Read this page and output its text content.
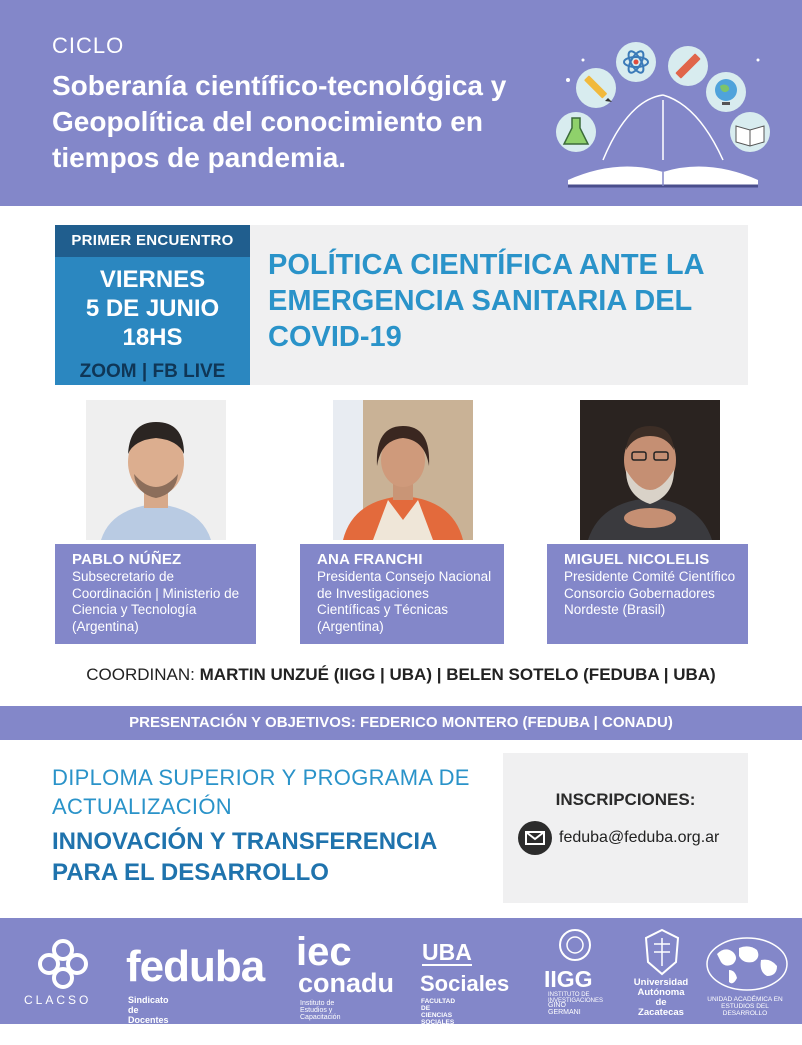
CICLO
Soberanía científico-tecnológica y Geopolítica del conocimiento en tiempos de pandemia.
PRIMER ENCUENTRO
VIERNES
5 DE JUNIO
18HS
ZOOM | FB LIVE
POLÍTICA CIENTÍFICA ANTE LA EMERGENCIA SANITARIA DEL COVID-19
PABLO NÚÑEZ
Subsecretario de Coordinación | Ministerio de Ciencia y Tecnología (Argentina)
ANA FRANCHI
Presidenta Consejo Nacional de Investigaciones Científicas y Técnicas (Argentina)
MIGUEL NICOLELIS
Presidente Comité Científico Consorcio Gobernadores Nordeste (Brasil)
COORDINAN: MARTIN UNZUÉ (IIGG | UBA) | BELEN SOTELO (FEDUBA | UBA)
PRESENTACIÓN Y OBJETIVOS: FEDERICO MONTERO (FEDUBA | CONADU)
DIPLOMA SUPERIOR Y PROGRAMA DE ACTUALIZACIÓN
INNOVACIÓN Y TRANSFERENCIA PARA EL DESARROLLO
INSCRIPCIONES:
feduba@feduba.org.ar
CLACSO
feduba
Sindicato de Docentes de la UBA
iec
conadu
Instituto de Estudios y Capacitación
UBA
Sociales
FACULTAD DE CIENCIAS SOCIALES
IIGG
INSTITUTO DE INVESTIGACIONES
GINO GERMANI
Universidad Autónoma de Zacatecas
UNIDAD ACADÉMICA EN ESTUDIOS DEL DESARROLLO
